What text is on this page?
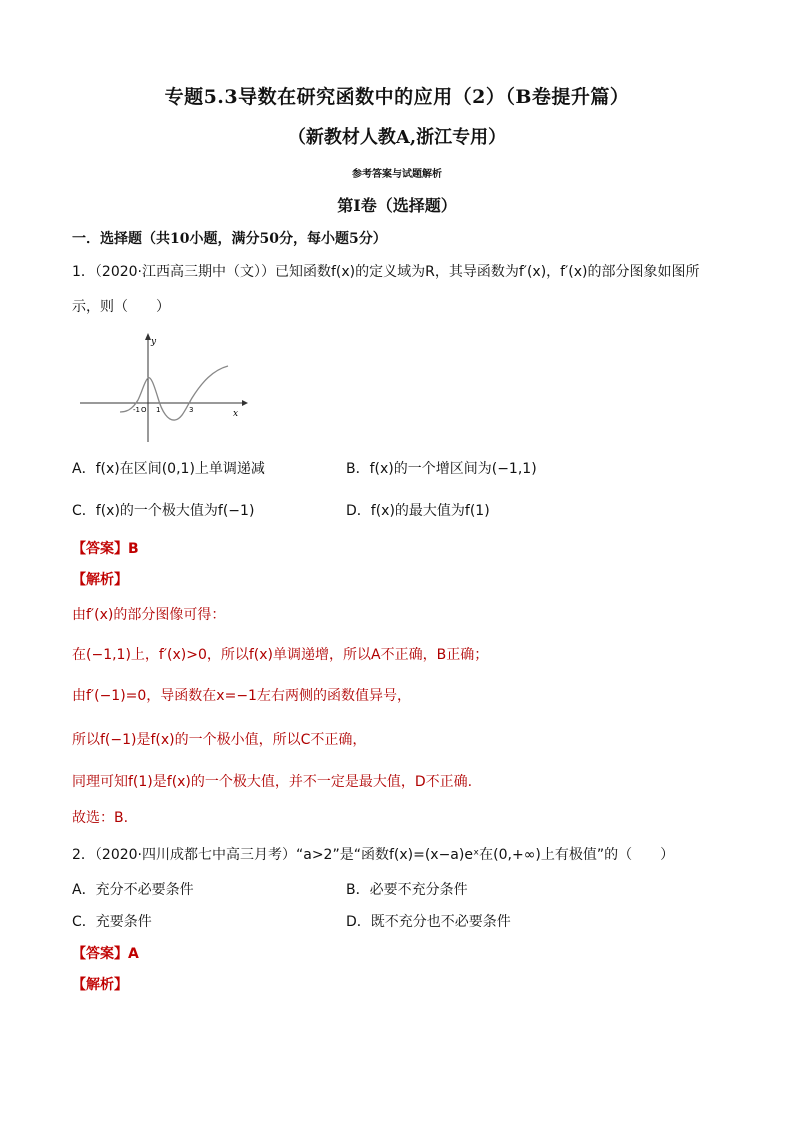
专题5.3导数在研究函数中的应用（2）（B卷提升篇）
（新教材人教A,浙江专用）
参考答案与试题解析
第Ⅰ卷（选择题）
一．选择题（共10小题，满分50分，每小题5分）
1．（2020·江西高三期中（文））已知函数f(x)的定义域为R，其导函数为f′(x)，f′(x)的部分图象如图所
示，则（　　）
y
x
-1 O 1	3
A．f(x)在区间(0,1)上单调递减	B．f(x)的一个增区间为(−1,1)
C．f(x)的一个极大值为f(−1)	D．f(x)的最大值为f(1)
【答案】B
【解析】
由f′(x)的部分图像可得：
在(−1,1)上，f′(x)>0，所以f(x)单调递增，所以A不正确，B正确；
由f′(−1)=0，导函数在x=−1左右两侧的函数值异号，
所以f(−1)是f(x)的一个极小值，所以C不正确，
同理可知f(1)是f(x)的一个极大值，并不一定是最大值，D不正确.
故选：B.
2．（2020·四川成都七中高三月考）“a>2”是“函数f(x)=(x−a)eˣ在(0,+∞)上有极值”的（　　）
A．充分不必要条件	B．必要不充分条件
C．充要条件	D．既不充分也不必要条件
【答案】A
【解析】
